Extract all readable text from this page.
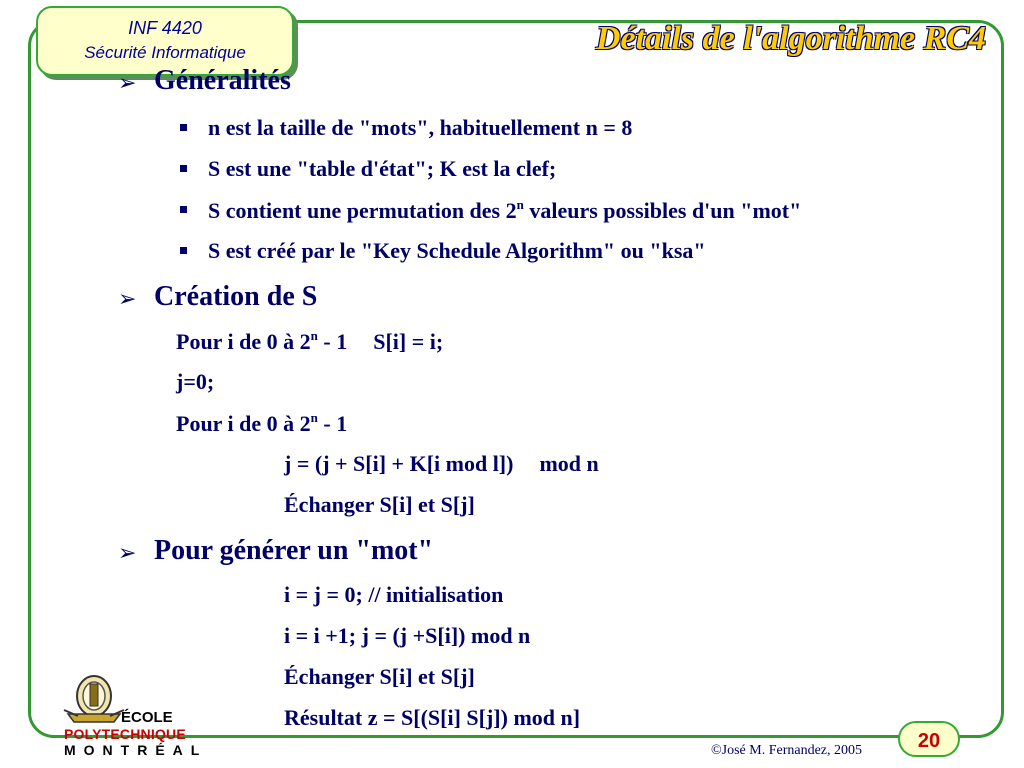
INF 4420
Sécurité Informatique	Détails de l'algorithme RC4
➢ Généralités
n est la taille de "mots", habituellement n = 8
S est une "table d'état"; K est la clef;
S contient une permutation des 2$^n$ valeurs possibles d'un "mot"
S est créé par le "Key Schedule Algorithm" ou "ksa"
➢ Création de S
Pour i de 0 à 2$^n$ - 1 S[i] = i;
j=0;
Pour i de 0 à 2$^n$ - 1
j = (j + S[i] + K[i mod l]) mod n
Échanger S[i] et S[j]
➢ Pour générer un "mot"
i = j = 0; // initialisation
i = i +1; j = (j +S[i]) mod n
Échanger S[i] et S[j]
Résultat z = S[(S[i] S[j]) mod n]
ÉCOLE
POLYTECHNIQUE
MONTRÉAL	20
©José M. Fernandez, 2005
